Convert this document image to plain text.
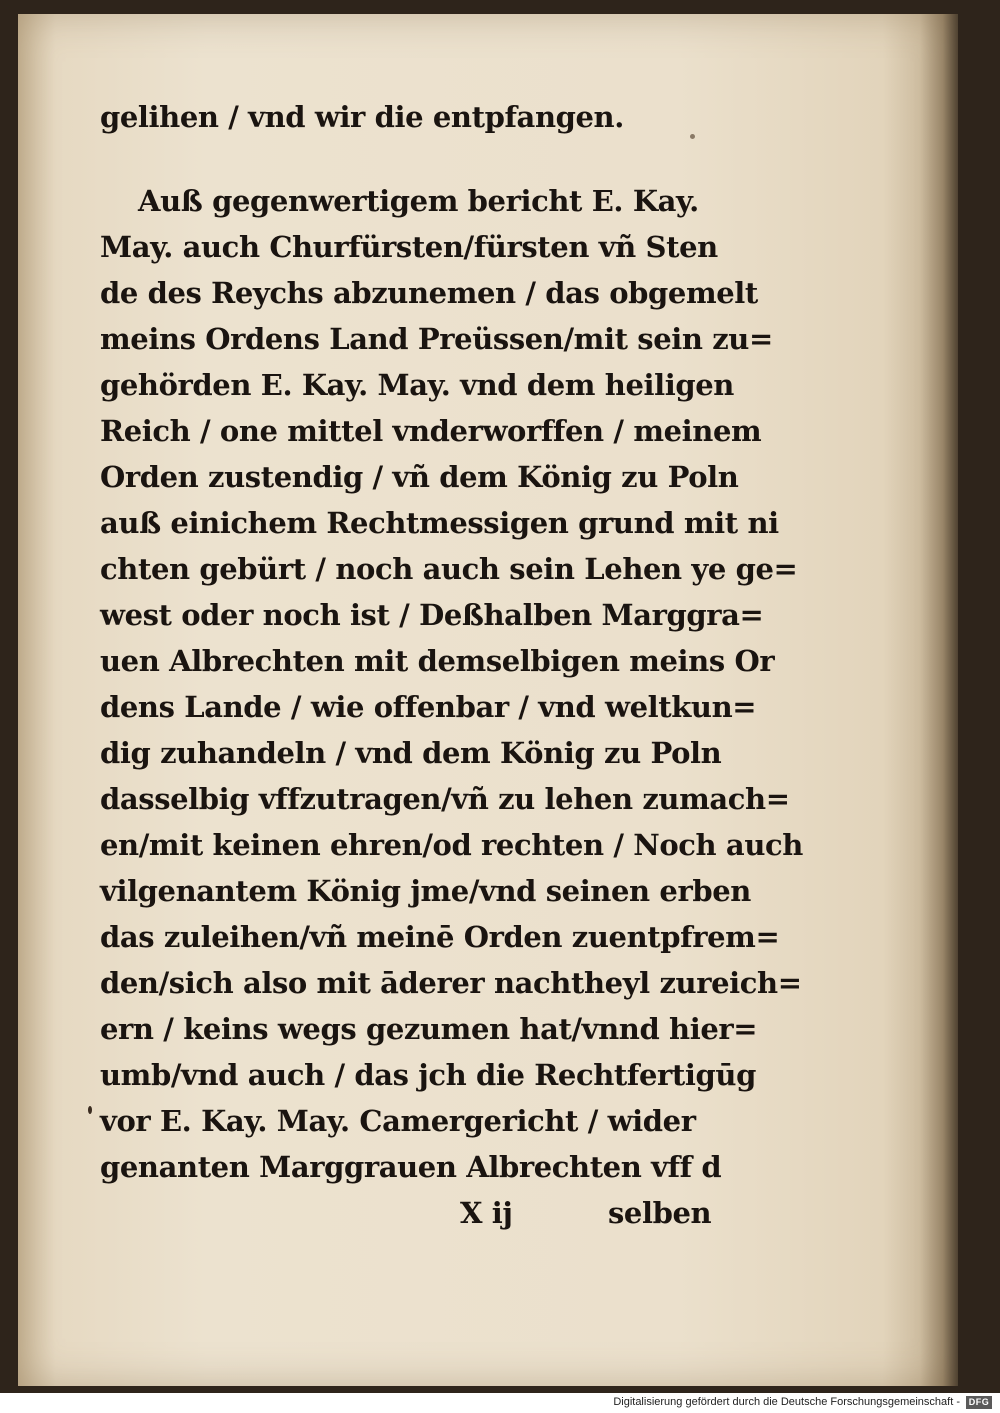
gelihen / vnd wir die entpfangen.
Auß gegenwertigem bericht E. Kay.
May. auch Churfürsten/fürsten vñ Sten
de des Reychs abzunemen / das obgemelt
meins Ordens Land Preüssen/mit sein zu=
gehörden E. Kay. May. vnd dem heiligen
Reich / one mittel vnderworffen / meinem
Orden zustendig / vñ dem König zu Poln
auß einichem Rechtmessigen grund mit ni
chten gebürt / noch auch sein Lehen ye ge=
west oder noch ist / Deßhalben Marggra=
uen Albrechten mit demselbigen meins Or
dens Lande / wie offenbar / vnd weltkun=
dig zuhandeln / vnd dem König zu Poln
dasselbig vffzutragen/vñ zu lehen zumach=
en/mit keinen ehren/od rechten / Noch auch
vilgenantem König jme/vnd seinen erben
das zuleihen/vñ meinē Orden zuentpfrem=
den/sich also mit āderer nachtheyl zureich=
ern / keins wegs gezumen hat/vnnd hier=
umb/vnd auch / das jch die Rechtfertigūg
vor E. Kay. May. Camergericht / wider
genanten Marggrauen Albrechten vff d
X ij	selben
Digitalisierung gefördert durch die Deutsche Forschungsgemeinschaft - DFG
